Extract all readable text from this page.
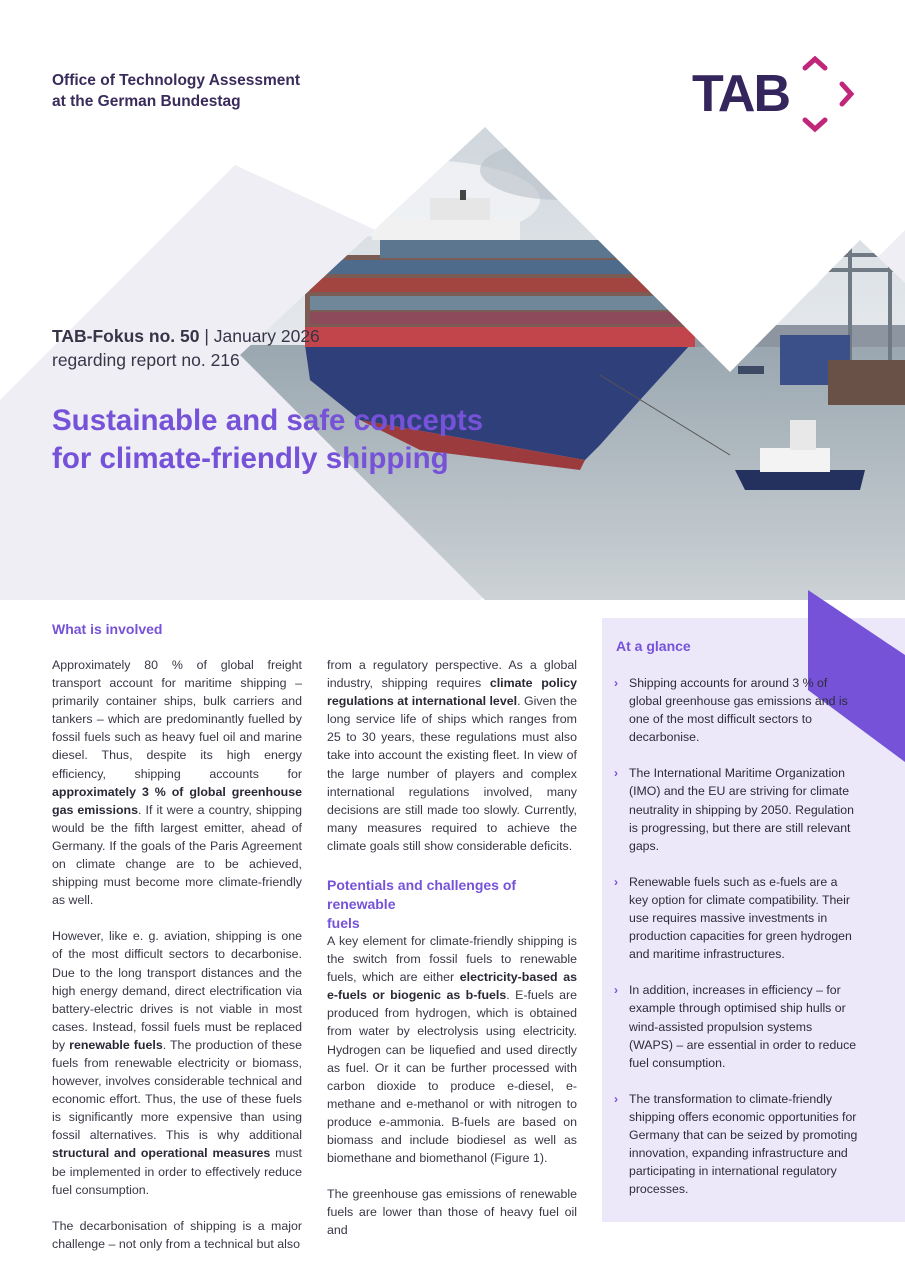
Office of Technology Assessment
at the German Bundestag	TAB
TAB-Fokus no. 50 | January 2026
regarding report no. 216
Sustainable and safe concepts
for climate-friendly shipping
What is involved

Approximately 80 % of global freight transport account for maritime shipping – primarily container ships, bulk carriers and tankers – which are predominantly fuelled by fossil fuels such as heavy fuel oil and marine diesel. Thus, despite its high energy efficiency, shipping accounts for approximately 3 % of global greenhouse gas emissions. If it were a country, shipping would be the fifth largest emitter, ahead of Germany. If the goals of the Paris Agreement on climate change are to be achieved, shipping must become more climate-friendly as well.

However, like e. g. aviation, shipping is one of the most difficult sectors to decarbonise. Due to the long transport distances and the high energy demand, direct electrification via battery-electric drives is not viable in most cases. Instead, fossil fuels must be replaced by renewable fuels. The production of these fuels from renewable electricity or biomass, however, involves considerable technical and economic effort. Thus, the use of these fuels is significantly more expensive than using fossil alternatives. This is why additional structural and operational measures must be implemented in order to effectively reduce fuel consumption.

The decarbonisation of shipping is a major challenge – not only from a technical but also

from a regulatory perspective. As a global industry, shipping requires climate policy regulations at international level. Given the long service life of ships which ranges from 25 to 30 years, these regulations must also take into account the existing fleet. In view of the large number of players and complex international regulations involved, many decisions are still made too slowly. Currently, many measures required to achieve the climate goals still show considerable deficits.

Potentials and challenges of renewable
fuels

A key element for climate-friendly shipping is the switch from fossil fuels to renewable fuels, which are either electricity-based as e-fuels or biogenic as b-fuels. E-fuels are produced from hydrogen, which is obtained from water by electrolysis using electricity. Hydrogen can be liquefied and used directly as fuel. Or it can be further processed with carbon dioxide to produce e-diesel, e-methane and e-methanol or with nitrogen to produce e-ammonia. B-fuels are based on biomass and include biodiesel as well as biomethane and biomethanol (Figure 1).

The greenhouse gas emissions of renewable fuels are lower than those of heavy fuel oil and

At a glance
› Shipping accounts for around 3 % of global greenhouse gas emissions and is one of the most difficult sectors to decarbonise.
› The International Maritime Organization (IMO) and the EU are striving for climate neutrality in shipping by 2050. Regulation is progressing, but there are still relevant gaps.
› Renewable fuels such as e-fuels are a key option for climate compatibility. Their use requires massive investments in production capacities for green hydrogen and maritime infrastructures.
› In addition, increases in efficiency – for example through optimised ship hulls or wind-assisted propulsion systems (WAPS) – are essential in order to reduce fuel consumption.
› The transformation to climate-friendly shipping offers economic opportunities for Germany that can be seized by promoting innovation, expanding infrastructure and participating in international regulatory processes.
